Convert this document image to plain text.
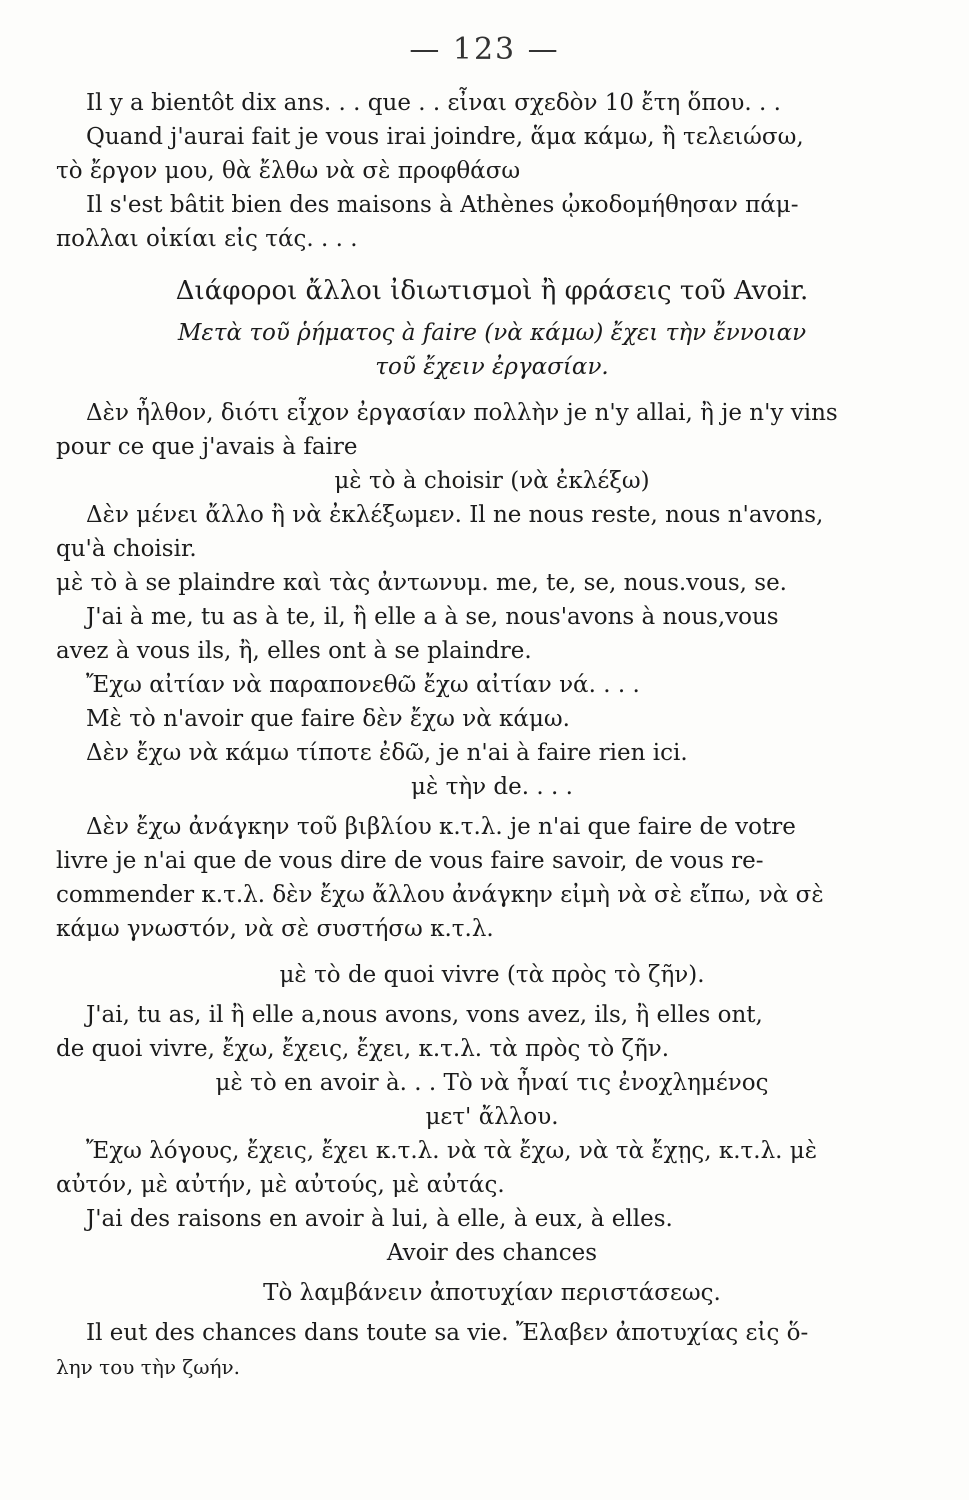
— 123 —
Il y a bientôt dix ans. . . que . . εἶναι σχεδὸν 10 ἔτη ὅπου. . .
Quand j'aurai fait je vous irai joindre, ἅμα κάμω, ἢ τελειώσω,
τὸ ἔργον μου, θὰ ἔλθω νὰ σὲ προφθάσω
Il s'est bâtit bien des maisons à Athènes ᾠκοδομήθησαν πάμ-
πολλαι οἰκίαι εἰς τάς. . . .
Διάφοροι ἄλλοι ἰδιωτισμοὶ ἢ φράσεις τοῦ Avoir.
Μετὰ τοῦ ῥήματος à faire (νὰ κάμω) ἔχει τὴν ἔννοιαν
τοῦ ἔχειν ἐργασίαν.
Δὲν ἦλθον, διότι εἶχον ἐργασίαν πολλὴν je n'y allai, ἢ je n'y vins
pour ce que j'avais à faire
μὲ τὸ à choisir (νὰ ἐκλέξω)
Δὲν μένει ἄλλο ἢ νὰ ἐκλέξωμεν. Il ne nous reste, nous n'avons,
qu'à choisir.
μὲ τὸ à se plaindre καὶ τὰς ἀντωνυμ. me, te, se, nous.vous, se.
J'ai à me, tu as à te, il, ἢ elle a à se, nous'avons à nous,vous
avez à vous ils, ἢ, elles ont à se plaindre.
Ἔχω αἰτίαν νὰ παραπονεθῶ ἔχω αἰτίαν νά. . . .
Μὲ τὸ n'avoir que faire δὲν ἔχω νὰ κάμω.
Δὲν ἔχω νὰ κάμω τίποτε ἐδῶ, je n'ai à faire rien ici.
μὲ τὴν de. . . .
Δὲν ἔχω ἀνάγκην τοῦ βιβλίου κ.τ.λ. je n'ai que faire de votre
livre je n'ai que de vous dire de vous faire savoir, de vous re-
commender κ.τ.λ. δὲν ἔχω ἄλλου ἀνάγκην εἰμὴ νὰ σὲ εἴπω, νὰ σὲ
κάμω γνωστόν, νὰ σὲ συστήσω κ.τ.λ.
μὲ τὸ de quoi vivre (τὰ πρὸς τὸ ζῆν).
J'ai, tu as, il ἢ elle a,nous avons, vons avez, ils, ἢ elles ont,
de quoi vivre, ἔχω, ἔχεις, ἔχει, κ.τ.λ. τὰ πρὸς τὸ ζῆν.
μὲ τὸ en avoir à. . . Τὸ νὰ ἦναί τις ἐνοχλημένος
μετ' ἄλλου.
Ἔχω λόγους, ἔχεις, ἔχει κ.τ.λ. νὰ τὰ ἔχω, νὰ τὰ ἔχῃς, κ.τ.λ. μὲ
αὐτόν, μὲ αὐτήν, μὲ αὐτούς, μὲ αὐτάς.
J'ai des raisons en avoir à lui, à elle, à eux, à elles.
Avoir des chances
Τὸ λαμβάνειν ἀποτυχίαν περιστάσεως.
Il eut des chances dans toute sa vie. Ἔλαβεν ἀποτυχίας εἰς ὅ-
λην του τὴν ζωήν.
